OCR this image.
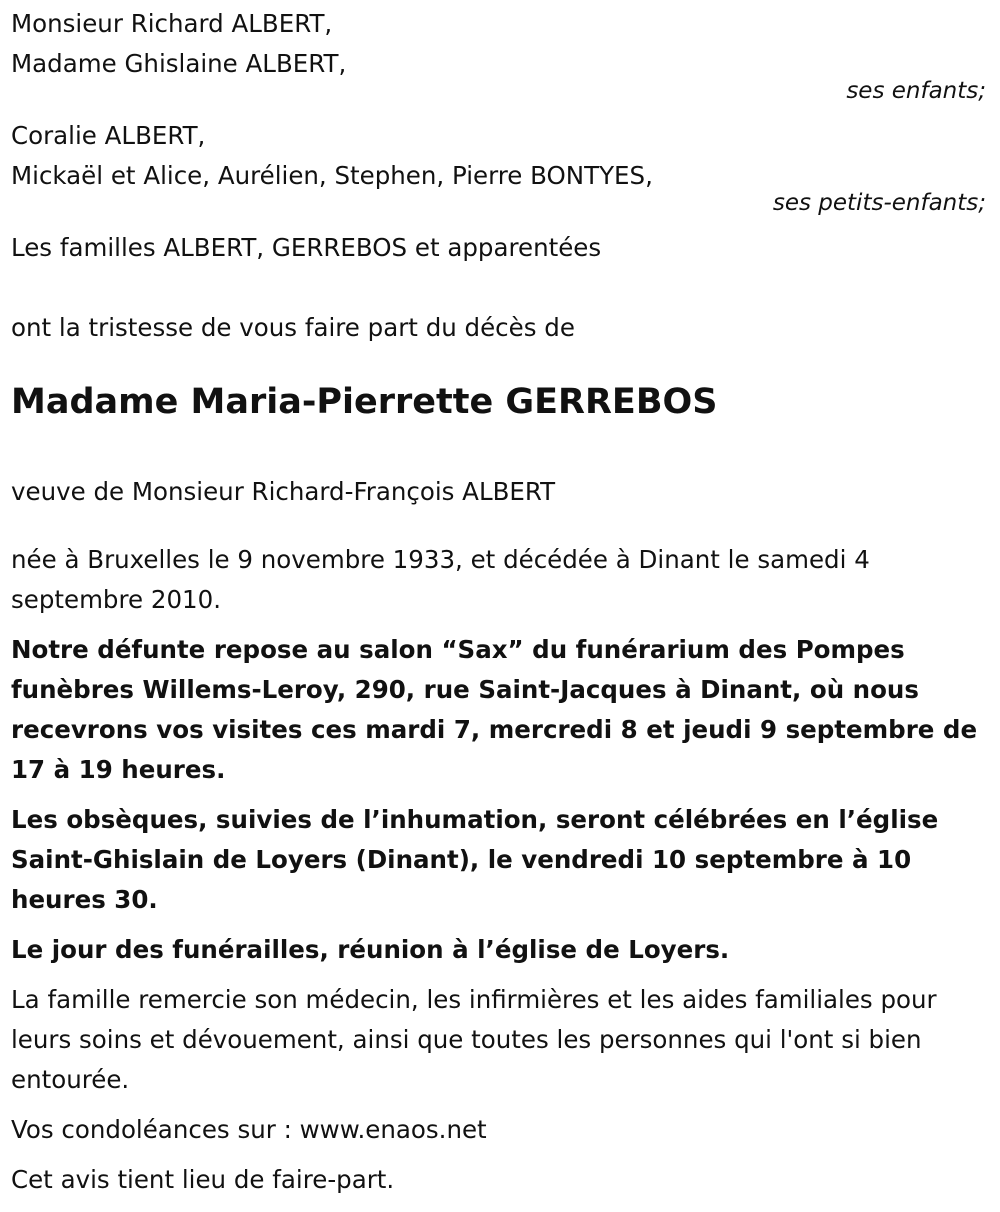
Monsieur Richard ALBERT,
Madame Ghislaine ALBERT,
ses enfants;
Coralie ALBERT,
Mickaël et Alice, Aurélien, Stephen, Pierre BONTYES,
ses petits-enfants;
Les familles ALBERT, GERREBOS et apparentées
ont la tristesse de vous faire part du décès de
Madame Maria-Pierrette GERREBOS
veuve de Monsieur Richard-François ALBERT
née à Bruxelles le 9 novembre 1933, et décédée à Dinant le samedi 4 septembre 2010.
Notre défunte repose au salon “Sax” du funérarium des Pompes funèbres Willems-Leroy, 290, rue Saint-Jacques à Dinant, où nous recevrons vos visites ces mardi 7, mercredi 8 et jeudi 9 septembre de 17 à 19 heures.
Les obsèques, suivies de l’inhumation, seront célébrées en l’église Saint-Ghislain de Loyers (Dinant), le vendredi 10 septembre à 10 heures 30.
Le jour des funérailles, réunion à l’église de Loyers.
La famille remercie son médecin, les infirmières et les aides familiales pour leurs soins et dévouement, ainsi que toutes les personnes qui l'ont si bien entourée.
Vos condoléances sur : www.enaos.net
Cet avis tient lieu de faire-part.
